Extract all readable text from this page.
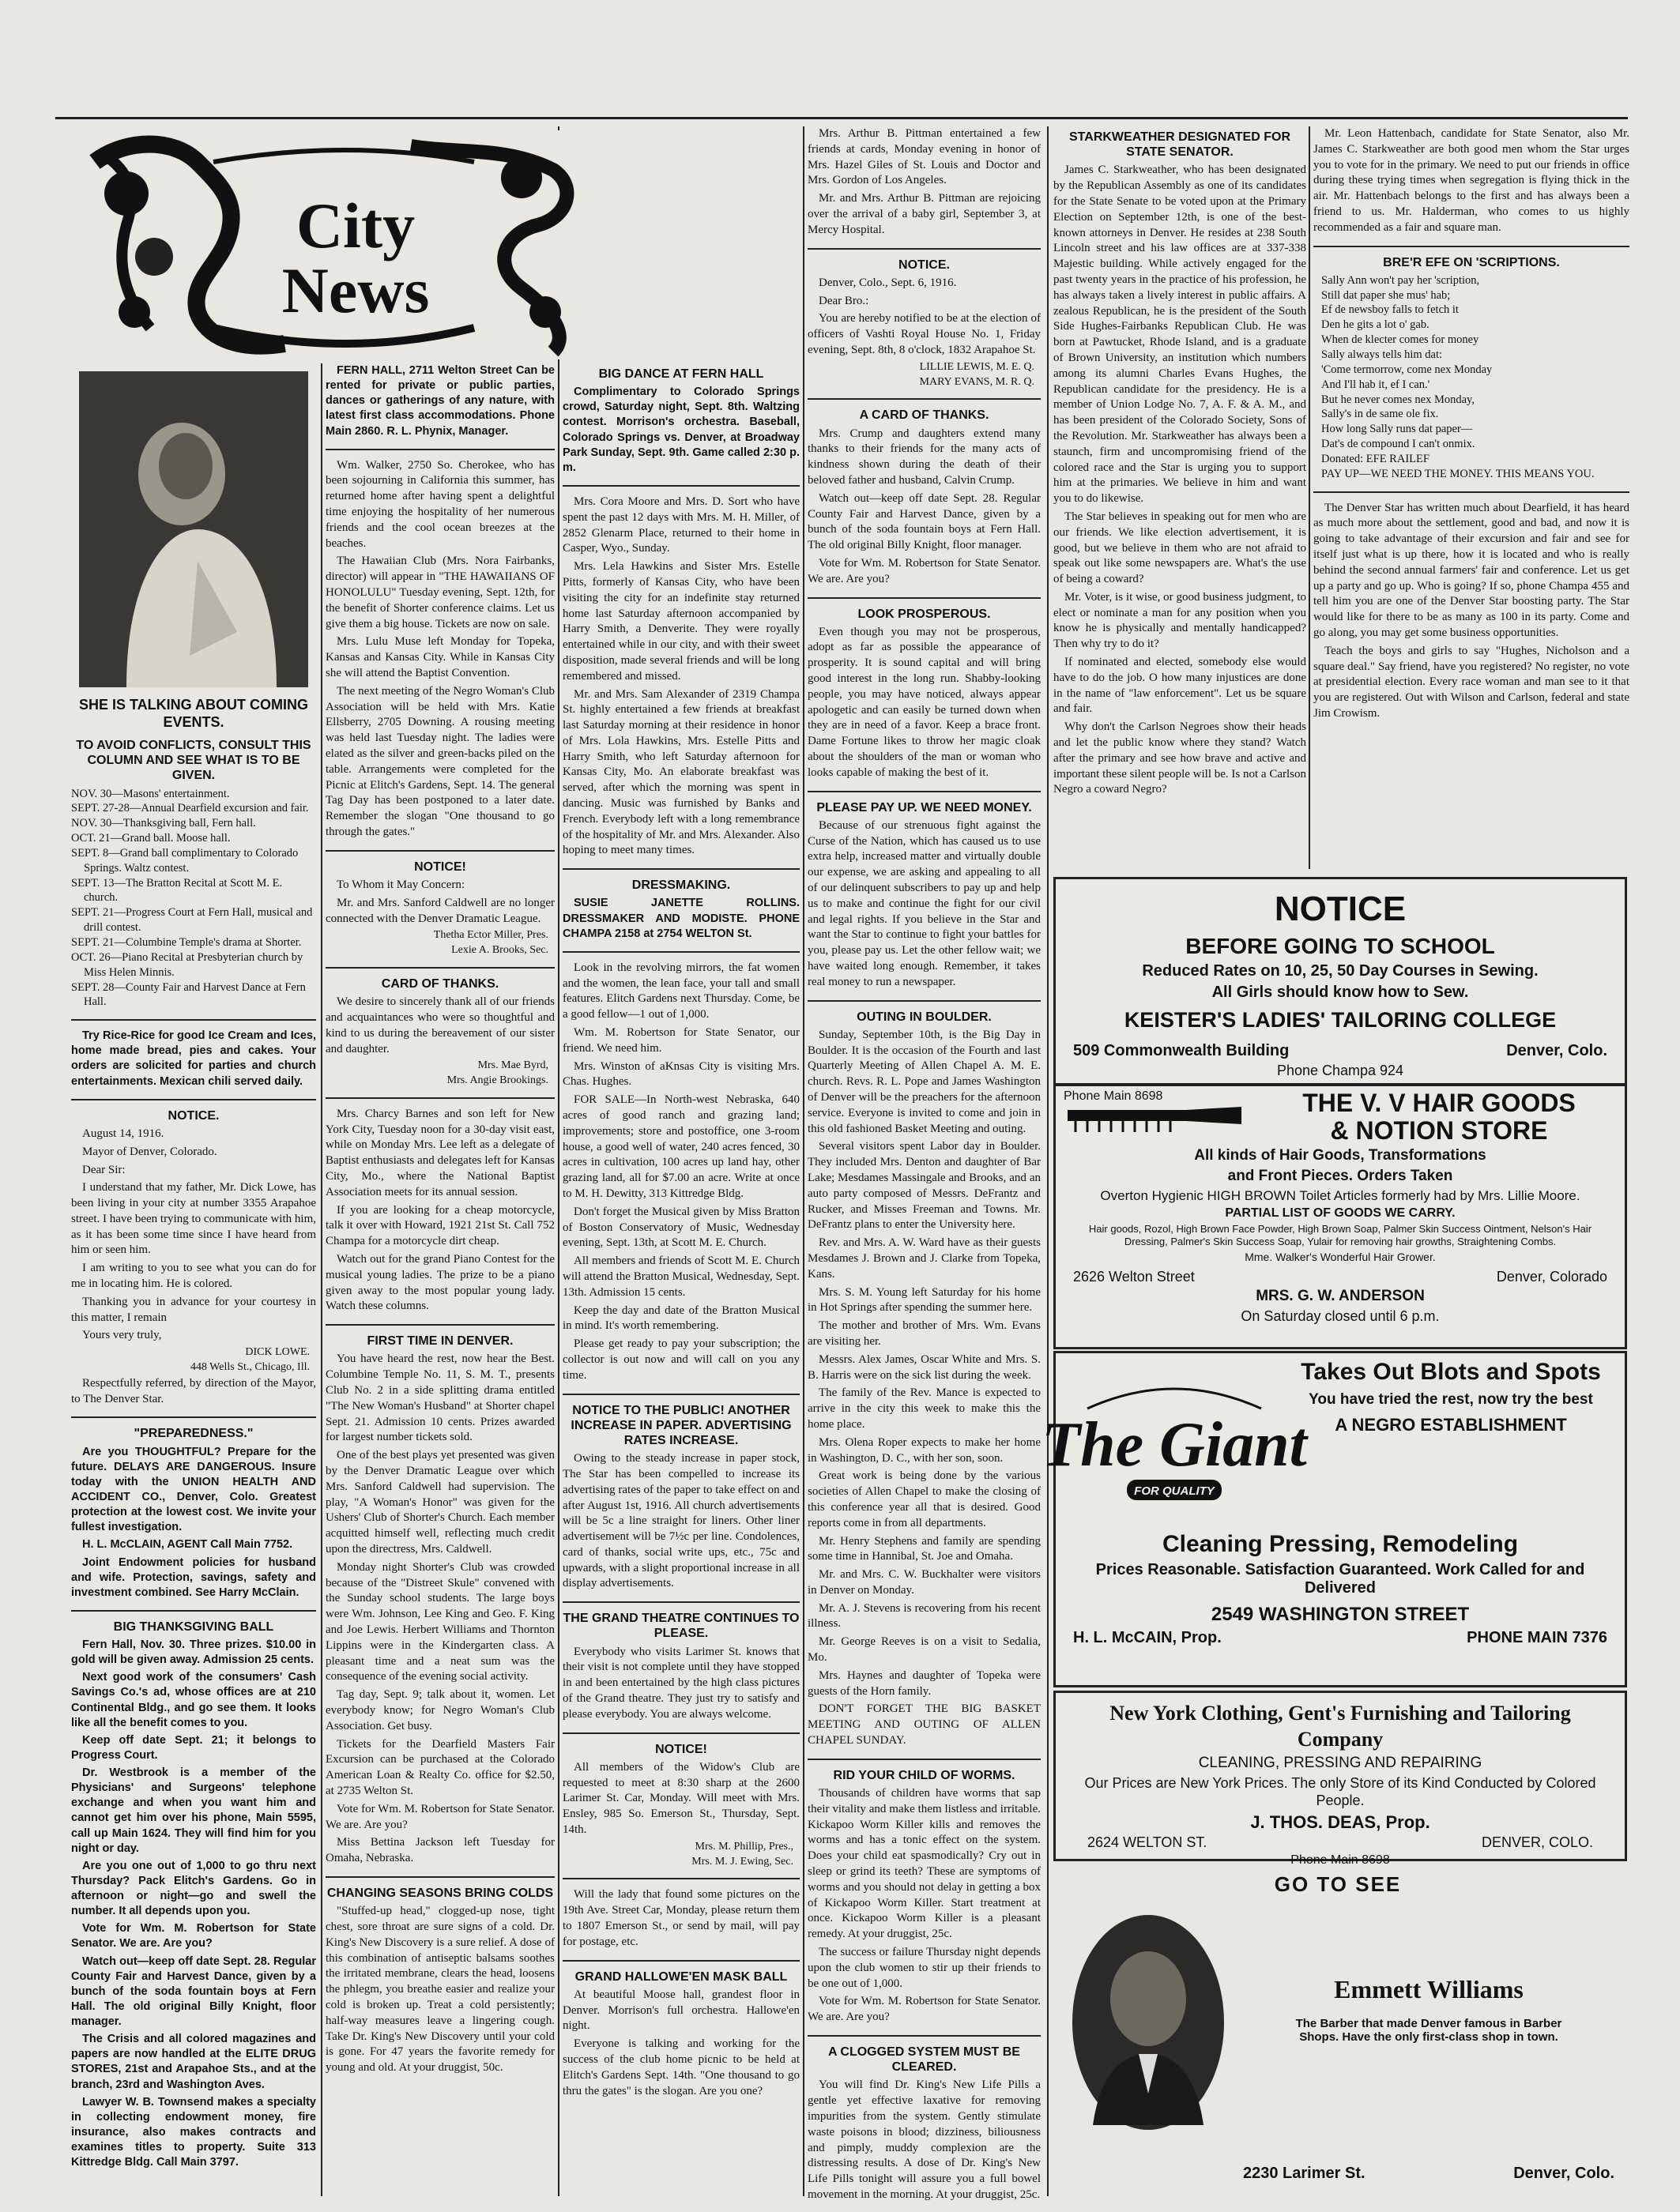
City News
SHE IS TALKING ABOUT COMING EVENTS.
TO AVOID CONFLICTS, CONSULT THIS COLUMN AND SEE WHAT IS TO BE GIVEN.
NOV. 30—Masons' entertainment.
SEPT. 27-28—Annual Dearfield excursion and fair.
NOV. 30—Thanksgiving ball, Fern hall.
OCT. 21—Grand ball. Moose hall.
SEPT. 8—Grand ball complimentary to Colorado Springs. Waltz contest.
SEPT. 13—The Bratton Recital at Scott M. E. church.
SEPT. 21—Progress Court at Fern Hall, musical and drill contest.
SEPT. 21—Columbine Temple's drama at Shorter.
OCT. 26—Piano Recital at Presbyterian church by Miss Helen Minnis.
SEPT. 28—County Fair and Harvest Dance at Fern Hall.
Try Rice-Rice for good Ice Cream and Ices, home made bread, pies and cakes. Your orders are solicited for parties and church entertainments. Mexican chili served daily.
NOTICE.
August 14, 1916.
Mayor of Denver, Colorado.
Dear Sir:
I understand that my father, Mr. Dick Lowe, has been living in your city at number 3355 Arapahoe street. I have been trying to communicate with him, as it has been some time since I have heard from him or seen him.
I am writing to you to see what you can do for me in locating him. He is colored.
Thanking you in advance for your courtesy in this matter, I remain
Yours very truly,
DICK LOWE.
448 Wells St., Chicago, Ill.
Respectfully referred, by direction of the Mayor, to The Denver Star.
"PREPAREDNESS."
Are you THOUGHTFUL? Prepare for the future. DELAYS ARE DANGEROUS. Insure today with the UNION HEALTH AND ACCIDENT CO., Denver, Colo. Greatest protection at the lowest cost. We invite your fullest investigation.
H. L. McCLAIN, AGENT Call Main 7752.
Joint Endowment policies for husband and wife. Protection, savings, safety and investment combined. See Harry McClain.
BIG THANKSGIVING BALL
Fern Hall, Nov. 30. Three prizes. $10.00 in gold will be given away. Admission 25 cents.
Next good work of the consumers' Cash Savings Co.'s ad, whose offices are at 210 Continental Bldg., and go see them. It looks like all the benefit comes to you.
Keep off date Sept. 21; it belongs to Progress Court.
Dr. Westbrook is a member of the Physicians' and Surgeons' telephone exchange and when you want him and cannot get him over his phone, Main 5595, call up Main 1624. They will find him for you night or day.
Are you one out of 1,000 to go thru next Thursday? Pack Elitch's Gardens. Go in afternoon or night—go and swell the number. It all depends upon you.
Vote for Wm. M. Robertson for State Senator. We are. Are you?
Watch out—keep off date Sept. 28. Regular County Fair and Harvest Dance, given by a bunch of the soda fountain boys at Fern Hall. The old original Billy Knight, floor manager.
The Crisis and all colored magazines and papers are now handled at the ELITE DRUG STORES, 21st and Arapahoe Sts., and at the branch, 23rd and Washington Aves.
Lawyer W. B. Townsend makes a specialty in collecting endowment money, fire insurance, also makes contracts and examines titles to property. Suite 313 Kittredge Bldg. Call Main 3797.
FERN HALL, 2711 Welton Street Can be rented for private or public parties, dances or gatherings of any nature, with latest first class accommodations. Phone Main 2860. R. L. Phynix, Manager.
Wm. Walker, 2750 So. Cherokee, who has been sojourning in California this summer, has returned home after having spent a delightful time enjoying the hospitality of her numerous friends and the cool ocean breezes at the beaches.
The Hawaiian Club (Mrs. Nora Fairbanks, director) will appear in "THE HAWAIIANS OF HONOLULU" Tuesday evening, Sept. 12th, for the benefit of Shorter conference claims. Let us give them a big house. Tickets are now on sale.
Mrs. Lulu Muse left Monday for Topeka, Kansas and Kansas City. While in Kansas City she will attend the Baptist Convention.
The next meeting of the Negro Woman's Club Association will be held with Mrs. Katie Ellsberry, 2705 Downing. A rousing meeting was held last Tuesday night. The ladies were elated as the silver and green-backs piled on the table. Arrangements were completed for the Picnic at Elitch's Gardens, Sept. 14. The general Tag Day has been postponed to a later date. Remember the slogan "One thousand to go through the gates."
NOTICE!
To Whom it May Concern:
Mr. and Mrs. Sanford Caldwell are no longer connected with the Denver Dramatic League.
Thetha Ector Miller, Pres.
Lexie A. Brooks, Sec.
CARD OF THANKS.
We desire to sincerely thank all of our friends and acquaintances who were so thoughtful and kind to us during the bereavement of our sister and daughter.
Mrs. Mae Byrd,
Mrs. Angie Brookings.
Mrs. Charcy Barnes and son left for New York City, Tuesday noon for a 30-day visit east, while on Monday Mrs. Lee left as a delegate of Baptist enthusiasts and delegates left for Kansas City, Mo., where the National Baptist Association meets for its annual session.
If you are looking for a cheap motorcycle, talk it over with Howard, 1921 21st St. Call 752 Champa for a motorcycle dirt cheap.
Watch out for the grand Piano Contest for the musical young ladies. The prize to be a piano given away to the most popular young lady. Watch these columns.
FIRST TIME IN DENVER.
You have heard the rest, now hear the Best. Columbine Temple No. 11, S. M. T., presents Club No. 2 in a side splitting drama entitled "The New Woman's Husband" at Shorter chapel Sept. 21. Admission 10 cents. Prizes awarded for largest number tickets sold.
One of the best plays yet presented was given by the Denver Dramatic League over which Mrs. Sanford Caldwell had supervision. The play, "A Woman's Honor" was given for the Ushers' Club of Shorter's Church. Each member acquitted himself well, reflecting much credit upon the directress, Mrs. Caldwell.
Monday night Shorter's Club was crowded because of the "Distreet Skule" convened with the Sunday school students. The large boys were Wm. Johnson, Lee King and Geo. F. King and Joe Lewis. Herbert Williams and Thornton Lippins were in the Kindergarten class. A pleasant time and a neat sum was the consequence of the evening social activity.
Tag day, Sept. 9; talk about it, women. Let everybody know; for Negro Woman's Club Association. Get busy.
Tickets for the Dearfield Masters Fair Excursion can be purchased at the Colorado American Loan & Realty Co. office for $2.50, at 2735 Welton St.
Vote for Wm. M. Robertson for State Senator. We are. Are you?
Miss Bettina Jackson left Tuesday for Omaha, Nebraska.
CHANGING SEASONS BRING COLDS
"Stuffed-up head," clogged-up nose, tight chest, sore throat are sure signs of a cold. Dr. King's New Discovery is a sure relief. A dose of this combination of antiseptic balsams soothes the irritated membrane, clears the head, loosens the phlegm, you breathe easier and realize your cold is broken up. Treat a cold persistently; half-way measures leave a lingering cough. Take Dr. King's New Discovery until your cold is gone. For 47 years the favorite remedy for young and old. At your druggist, 50c.
BIG DANCE AT FERN HALL
Complimentary to Colorado Springs crowd, Saturday night, Sept. 8th. Waltzing contest. Morrison's orchestra. Baseball, Colorado Springs vs. Denver, at Broadway Park Sunday, Sept. 9th. Game called 2:30 p. m.
Mrs. Cora Moore and Mrs. D. Sort who have spent the past 12 days with Mrs. M. H. Miller, of 2852 Glenarm Place, returned to their home in Casper, Wyo., Sunday.
Mrs. Lela Hawkins and Sister Mrs. Estelle Pitts, formerly of Kansas City, who have been visiting the city for an indefinite stay returned home last Saturday afternoon accompanied by Harry Smith, a Denverite. They were royally entertained while in our city, and with their sweet disposition, made several friends and will be long remembered and missed.
Mr. and Mrs. Sam Alexander of 2319 Champa St. highly entertained a few friends at breakfast last Saturday morning at their residence in honor of Mrs. Lola Hawkins, Mrs. Estelle Pitts and Harry Smith, who left Saturday afternoon for Kansas City, Mo. An elaborate breakfast was served, after which the morning was spent in dancing. Music was furnished by Banks and French. Everybody left with a long remembrance of the hospitality of Mr. and Mrs. Alexander. Also hoping to meet many times.
DRESSMAKING.
SUSIE JANETTE ROLLINS. DRESSMAKER AND MODISTE. PHONE CHAMPA 2158 at 2754 WELTON St.
Look in the revolving mirrors, the fat women and the women, the lean face, your tall and small features. Elitch Gardens next Thursday. Come, be a good fellow—1 out of 1,000.
Wm. M. Robertson for State Senator, our friend. We need him.
Mrs. Winston of aKnsas City is visiting Mrs. Chas. Hughes.
FOR SALE—In North-west Nebraska, 640 acres of good ranch and grazing land; improvements; store and postoffice, one 3-room house, a good well of water, 240 acres fenced, 30 acres in cultivation, 100 acres up land hay, other grazing land, all for $7.00 an acre. Write at once to M. H. Dewitty, 313 Kittredge Bldg.
Don't forget the Musical given by Miss Bratton of Boston Conservatory of Music, Wednesday evening, Sept. 13th, at Scott M. E. Church.
All members and friends of Scott M. E. Church will attend the Bratton Musical, Wednesday, Sept. 13th. Admission 15 cents.
Keep the day and date of the Bratton Musical in mind. It's worth remembering.
Please get ready to pay your subscription; the collector is out now and will call on you any time.
NOTICE TO THE PUBLIC! ANOTHER INCREASE IN PAPER. ADVERTISING RATES INCREASE.
Owing to the steady increase in paper stock, The Star has been compelled to increase its advertising rates of the paper to take effect on and after August 1st, 1916. All church advertisements will be 5c a line straight for liners. Other liner advertisement will be 7½c per line. Condolences, card of thanks, social write ups, etc., 75c and upwards, with a slight proportional increase in all display advertisements.
THE GRAND THEATRE CONTINUES TO PLEASE.
Everybody who visits Larimer St. knows that their visit is not complete until they have stopped in and been entertained by the high class pictures of the Grand theatre. They just try to satisfy and please everybody. You are always welcome.
NOTICE!
All members of the Widow's Club are requested to meet at 8:30 sharp at the 2600 Larimer St. Car, Monday. Will meet with Mrs. Ensley, 985 So. Emerson St., Thursday, Sept. 14th.
Mrs. M. Phillip, Pres.,
Mrs. M. J. Ewing, Sec.
Will the lady that found some pictures on the 19th Ave. Street Car, Monday, please return them to 1807 Emerson St., or send by mail, will pay for postage, etc.
GRAND HALLOWE'EN MASK BALL
At beautiful Moose hall, grandest floor in Denver. Morrison's full orchestra. Hallowe'en night.
Everyone is talking and working for the success of the club home picnic to be held at Elitch's Gardens Sept. 14th. "One thousand to go thru the gates" is the slogan. Are you one?
Mrs. Arthur B. Pittman entertained a few friends at cards, Monday evening in honor of Mrs. Hazel Giles of St. Louis and Doctor and Mrs. Gordon of Los Angeles.
Mr. and Mrs. Arthur B. Pittman are rejoicing over the arrival of a baby girl, September 3, at Mercy Hospital.
NOTICE.
Denver, Colo., Sept. 6, 1916.
Dear Bro.:
You are hereby notified to be at the election of officers of Vashti Royal House No. 1, Friday evening, Sept. 8th, 8 o'clock, 1832 Arapahoe St.
LILLIE LEWIS, M. E. Q.
MARY EVANS, M. R. Q.
A CARD OF THANKS.
Mrs. Crump and daughters extend many thanks to their friends for the many acts of kindness shown during the death of their beloved father and husband, Calvin Crump.
Watch out—keep off date Sept. 28. Regular County Fair and Harvest Dance, given by a bunch of the soda fountain boys at Fern Hall. The old original Billy Knight, floor manager.
Vote for Wm. M. Robertson for State Senator. We are. Are you?
LOOK PROSPEROUS.
Even though you may not be prosperous, adopt as far as possible the appearance of prosperity. It is sound capital and will bring good interest in the long run. Shabby-looking people, you may have noticed, always appear apologetic and can easily be turned down when they are in need of a favor. Keep a brace front. Dame Fortune likes to throw her magic cloak about the shoulders of the man or woman who looks capable of making the best of it.
PLEASE PAY UP. WE NEED MONEY.
Because of our strenuous fight against the Curse of the Nation, which has caused us to use extra help, increased matter and virtually double our expense, we are asking and appealing to all of our delinquent subscribers to pay up and help us to make and continue the fight for our civil and legal rights. If you believe in the Star and want the Star to continue to fight your battles for you, please pay us. Let the other fellow wait; we have waited long enough. Remember, it takes real money to run a newspaper.
OUTING IN BOULDER.
Sunday, September 10th, is the Big Day in Boulder. It is the occasion of the Fourth and last Quarterly Meeting of Allen Chapel A. M. E. church. Revs. R. L. Pope and James Washington of Denver will be the preachers for the afternoon service. Everyone is invited to come and join in this old fashioned Basket Meeting and outing.
Several visitors spent Labor day in Boulder. They included Mrs. Denton and daughter of Bar Lake; Mesdames Massingale and Brooks, and an auto party composed of Messrs. DeFrantz and Rucker, and Misses Freeman and Towns. Mr. DeFrantz plans to enter the University here.
Rev. and Mrs. A. W. Ward have as their guests Mesdames J. Brown and J. Clarke from Topeka, Kans.
Mrs. S. M. Young left Saturday for his home in Hot Springs after spending the summer here.
The mother and brother of Mrs. Wm. Evans are visiting her.
Messrs. Alex James, Oscar White and Mrs. S. B. Harris were on the sick list during the week.
The family of the Rev. Mance is expected to arrive in the city this week to make this the home place.
Mrs. Olena Roper expects to make her home in Washington, D. C., with her son, soon.
Great work is being done by the various societies of Allen Chapel to make the closing of this conference year all that is desired. Good reports come in from all departments.
Mr. Henry Stephens and family are spending some time in Hannibal, St. Joe and Omaha.
Mr. and Mrs. C. W. Buckhalter were visitors in Denver on Monday.
Mr. A. J. Stevens is recovering from his recent illness.
Mr. George Reeves is on a visit to Sedalia, Mo.
Mrs. Haynes and daughter of Topeka were guests of the Horn family.
DON'T FORGET THE BIG BASKET MEETING AND OUTING OF ALLEN CHAPEL SUNDAY.
RID YOUR CHILD OF WORMS.
Thousands of children have worms that sap their vitality and make them listless and irritable. Kickapoo Worm Killer kills and removes the worms and has a tonic effect on the system. Does your child eat spasmodically? Cry out in sleep or grind its teeth? These are symptoms of worms and you should not delay in getting a box of Kickapoo Worm Killer. Start treatment at once. Kickapoo Worm Killer is a pleasant remedy. At your druggist, 25c.
The success or failure Thursday night depends upon the club women to stir up their friends to be one out of 1,000.
Vote for Wm. M. Robertson for State Senator. We are. Are you?
A CLOGGED SYSTEM MUST BE CLEARED.
You will find Dr. King's New Life Pills a gentle yet effective laxative for removing impurities from the system. Gently stimulate waste poisons in blood; dizziness, biliousness and pimply, muddy complexion are the distressing results. A dose of Dr. King's New Life Pills tonight will assure you a full bowel movement in the morning. At your druggist, 25c.
STARKWEATHER DESIGNATED FOR STATE SENATOR.
James C. Starkweather, who has been designated by the Republican Assembly as one of its candidates for the State Senate to be voted upon at the Primary Election on September 12th, is one of the best-known attorneys in Denver. He resides at 238 South Lincoln street and his law offices are at 337-338 Majestic building. While actively engaged for the past twenty years in the practice of his profession, he has always taken a lively interest in public affairs. A zealous Republican, he is the president of the South Side Hughes-Fairbanks Republican Club. He was born at Pawtucket, Rhode Island, and is a graduate of Brown University, an institution which numbers among its alumni Charles Evans Hughes, the Republican candidate for the presidency. He is a member of Union Lodge No. 7, A. F. & A. M., and has been president of the Colorado Society, Sons of the Revolution. Mr. Starkweather has always been a staunch, firm and uncompromising friend of the colored race and the Star is urging you to support him at the primaries. We believe in him and want you to do likewise.
The Star believes in speaking out for men who are our friends. We like election advertisement, it is good, but we believe in them who are not afraid to speak out like some newspapers are. What's the use of being a coward?
Mr. Voter, is it wise, or good business judgment, to elect or nominate a man for any position when you know he is physically and mentally handicapped? Then why try to do it?
If nominated and elected, somebody else would have to do the job. O how many injustices are done in the name of "law enforcement". Let us be square and fair.
Why don't the Carlson Negroes show their heads and let the public know where they stand? Watch after the primary and see how brave and active and important these silent people will be. Is not a Carlson Negro a coward Negro?
Mr. Leon Hattenbach, candidate for State Senator, also Mr. James C. Starkweather are both good men whom the Star urges you to vote for in the primary. We need to put our friends in office during these trying times when segregation is flying thick in the air. Mr. Hattenbach belongs to the first and has always been a friend to us. Mr. Halderman, who comes to us highly recommended as a fair and square man.
BRE'R EFE ON 'SCRIPTIONS.
Sally Ann won't pay her 'scription,
Still dat paper she mus' hab;
Ef de newsboy falls to fetch it
Den he gits a lot o' gab.
When de klecter comes for money
Sally always tells him dat:
'Come termorrow, come nex Monday
And I'll hab it, ef I can.'
But he never comes nex Monday,
Sally's in de same ole fix.
How long Sally runs dat paper—
Dat's de compound I can't onmix.
Donated: EFE RAILEF
PAY UP—WE NEED THE MONEY. THIS MEANS YOU.
The Denver Star has written much about Dearfield, it has heard as much more about the settlement, good and bad, and now it is going to take advantage of their excursion and fair and see for itself just what is up there, how it is located and who is really behind the second annual farmers' fair and conference. Let us get up a party and go up. Who is going? If so, phone Champa 455 and tell him you are one of the Denver Star boosting party. The Star would like for there to be as many as 100 in its party. Come and go along, you may get some business opportunities.
Teach the boys and girls to say "Hughes, Nicholson and a square deal." Say friend, have you registered? No register, no vote at presidential election. Every race woman and man see to it that you are registered. Out with Wilson and Carlson, federal and state Jim Crowism.
NOTICE
BEFORE GOING TO SCHOOL
Reduced Rates on 10, 25, 50 Day Courses in Sewing.
All Girls should know how to Sew.
KEISTER'S LADIES' TAILORING COLLEGE
509 Commonwealth Building	Denver, Colo.
Phone Champa 924
Phone Main 8698	THE V. V HAIR GOODS
& NOTION STORE
All kinds of Hair Goods, Transformations
and Front Pieces. Orders Taken
Overton Hygienic HIGH BROWN Toilet Articles formerly had by Mrs. Lillie Moore.
PARTIAL LIST OF GOODS WE CARRY.
Hair goods, Rozol, High Brown Face Powder, High Brown Soap, Palmer Skin Success Ointment, Nelson's Hair Dressing, Palmer's Skin Success Soap, Yulair for removing hair growths, Straightening Combs.
Mme. Walker's Wonderful Hair Grower.
2626 Welton Street	Denver, Colorado
MRS. G. W. ANDERSON
On Saturday closed until 6 p.m.
The Giant
FOR QUALITY
Takes Out Blots and Spots
You have tried the rest, now try the best
A NEGRO ESTABLISHMENT
Cleaning Pressing, Remodeling
Prices Reasonable. Satisfaction Guaranteed. Work Called for and Delivered
2549 WASHINGTON STREET
H. L. McCAIN, Prop.	PHONE MAIN 7376
New York Clothing, Gent's Furnishing and Tailoring Company
CLEANING, PRESSING AND REPAIRING
Our Prices are New York Prices. The only Store of its Kind Conducted by Colored People.
J. THOS. DEAS, Prop.
2624 WELTON ST.	DENVER, COLO.
Phone Main 8698
GO TO SEE
Emmett Williams
The Barber that made Denver famous in Barber Shops. Have the only first-class shop in town.
2230 Larimer St.	Denver, Colo.
